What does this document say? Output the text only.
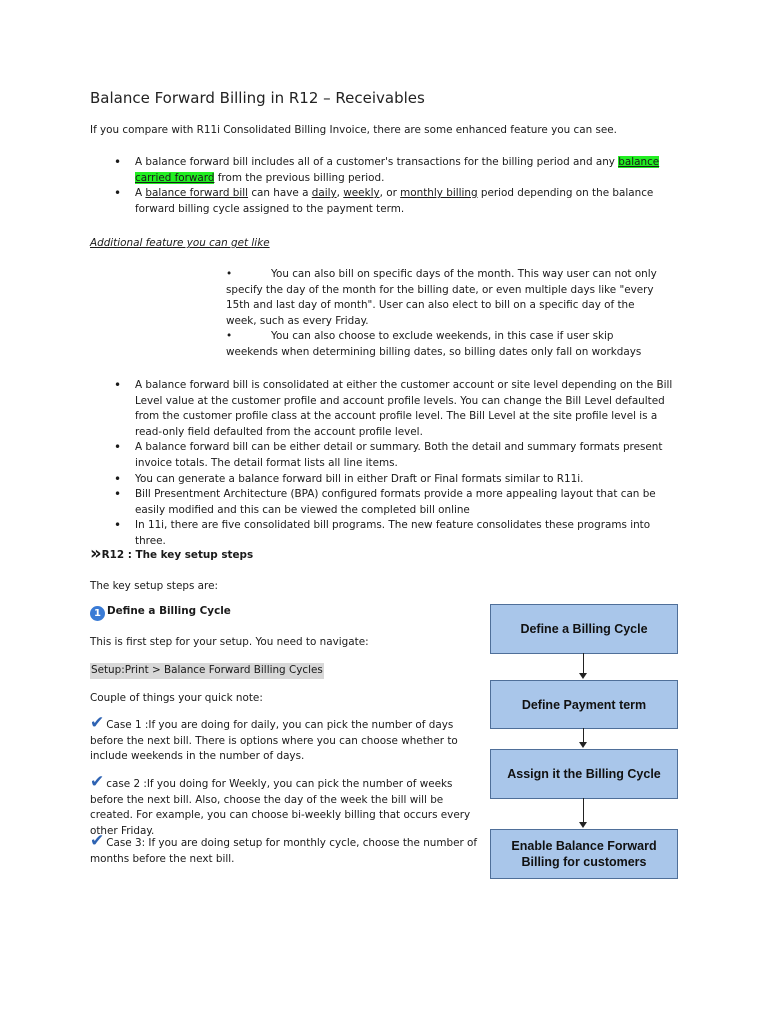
Balance Forward Billing in R12 – Receivables
If you compare with R11i Consolidated Billing Invoice, there are some enhanced feature you can see.
• A balance forward bill includes all of a customer's transactions for the billing period and any balance carried forward from the previous billing period.
• A balance forward bill can have a daily, weekly, or monthly billing period depending on the balance forward billing cycle assigned to the payment term.
Additional feature you can get like

•	You can also bill on specific days of the month. This way user can not only specify the day of the month for the billing date, or even multiple days like "every 15th and last day of month". User can also elect to bill on a specific day of the week, such as every Friday.

•	You can also choose to exclude weekends, in this case if user skip weekends when determining billing dates, so billing dates only fall on workdays

• A balance forward bill is consolidated at either the customer account or site level depending on the Bill Level value at the customer profile and account profile levels. You can change the Bill Level defaulted from the customer profile class at the account profile level. The Bill Level at the site profile level is a read-only field defaulted from the account profile level.
• A balance forward bill can be either detail or summary. Both the detail and summary formats present invoice totals. The detail format lists all line items.
• You can generate a balance forward bill in either Draft or Final formats similar to R11i.
• Bill Presentment Architecture (BPA) configured formats provide a more appealing layout that can be easily modified and this can be viewed the completed bill online
• In 11i, there are five consolidated bill programs. The new feature consolidates these programs into three.
» R12 : The key setup steps
The key setup steps are:
1 Define a Billing Cycle
This is first step for your setup. You need to navigate:
Setup:Print > Balance Forward Billing Cycles
Couple of things your quick note:
✔ Case 1 :If you are doing for daily, you can pick the number of days before the next bill. There is options where you can choose whether to include weekends in the number of days.
✔ case 2 :If you doing for Weekly, you can pick the number of weeks before the next bill. Also, choose the day of the week the bill will be created. For example, you can choose bi-weekly billing that occurs every other Friday.
✔ Case 3: If you are doing setup for monthly cycle, choose the number of months before the next bill.
Define a Billing Cycle
Define Payment term
Assign it the Billing Cycle
Enable Balance Forward Billing for customers
